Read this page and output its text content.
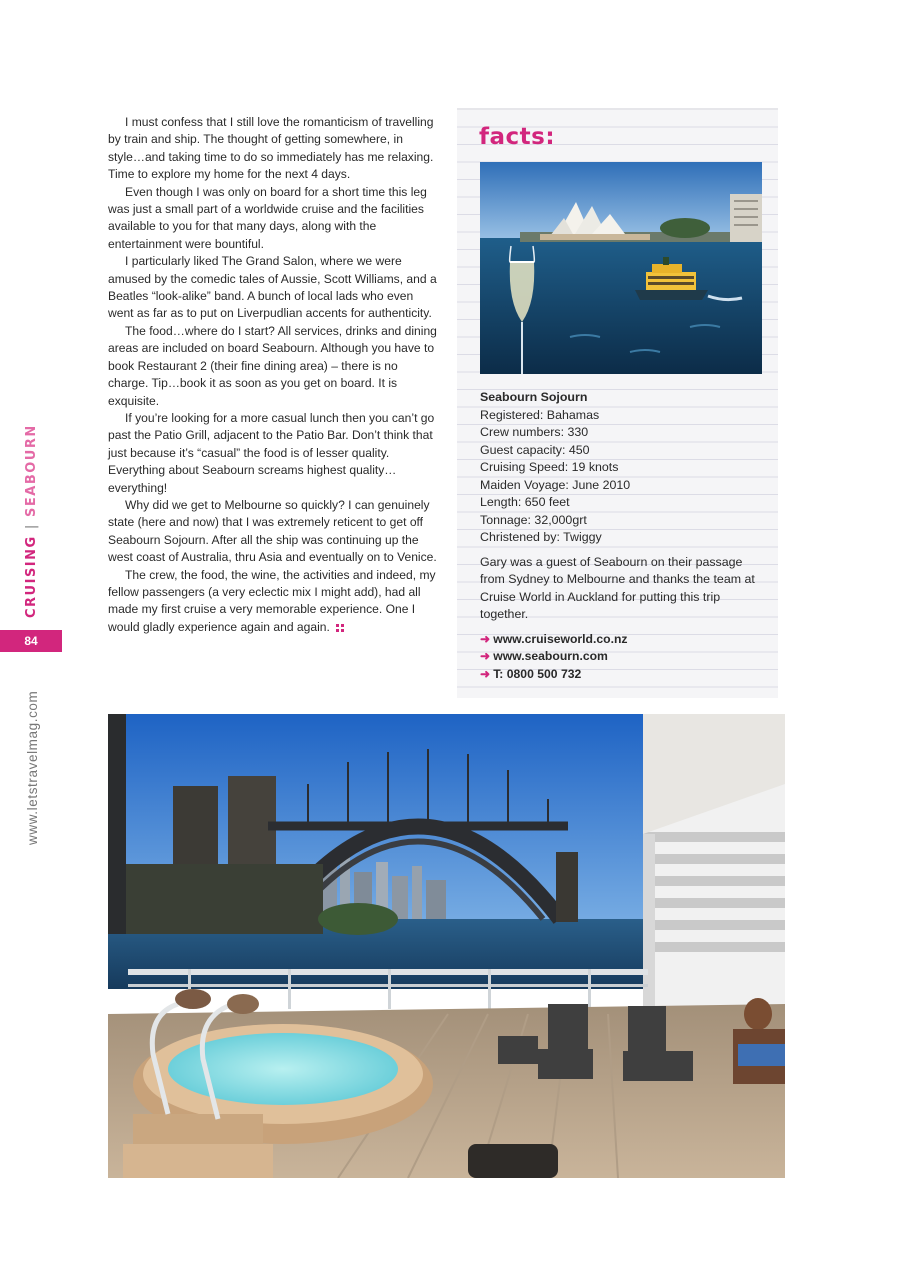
CRUISING | SEABOURN
84
www.letstravelmag.com

I must confess that I still love the romanticism of travelling by train and ship. The thought of getting somewhere, in style…and taking time to do so immediately has me relaxing. Time to explore my home for the next 4 days.

Even though I was only on board for a short time this leg was just a small part of a worldwide cruise and the facilities available to you for that many days, along with the entertainment were bountiful.

I particularly liked The Grand Salon, where we were amused by the comedic tales of Aussie, Scott Williams, and a Beatles “look-alike” band. A bunch of local lads who even went as far as to put on Liverpudlian accents for authenticity.

The food…where do I start? All services, drinks and dining areas are included on board Seabourn. Although you have to book Restaurant 2 (their fine dining area) – there is no charge. Tip…book it as soon as you get on board. It is exquisite.

If you’re looking for a more casual lunch then you can’t go past the Patio Grill, adjacent to the Patio Bar. Don’t think that just because it’s “casual” the food is of lesser quality. Everything about Seabourn screams highest quality… everything!

Why did we get to Melbourne so quickly? I can genuinely state (here and now) that I was extremely reticent to get off Seabourn Sojourn. After all the ship was continuing up the west coast of Australia, thru Asia and eventually on to Venice.

The crew, the food, the wine, the activities and indeed, my fellow passengers (a very eclectic mix I might add), had all made my first cruise a very memorable experience. One I would gladly experience again and again.

facts:
Seabourn Sojourn
Registered: Bahamas
Crew numbers: 330
Guest capacity: 450
Cruising Speed: 19 knots
Maiden Voyage: June 2010
Length: 650 feet
Tonnage: 32,000grt
Christened by: Twiggy
Gary was a guest of Seabourn on their passage from Sydney to Melbourne and thanks the team at Cruise World in Auckland for putting this trip together.
➜ www.cruiseworld.co.nz
➜ www.seabourn.com
➜ T: 0800 500 732
